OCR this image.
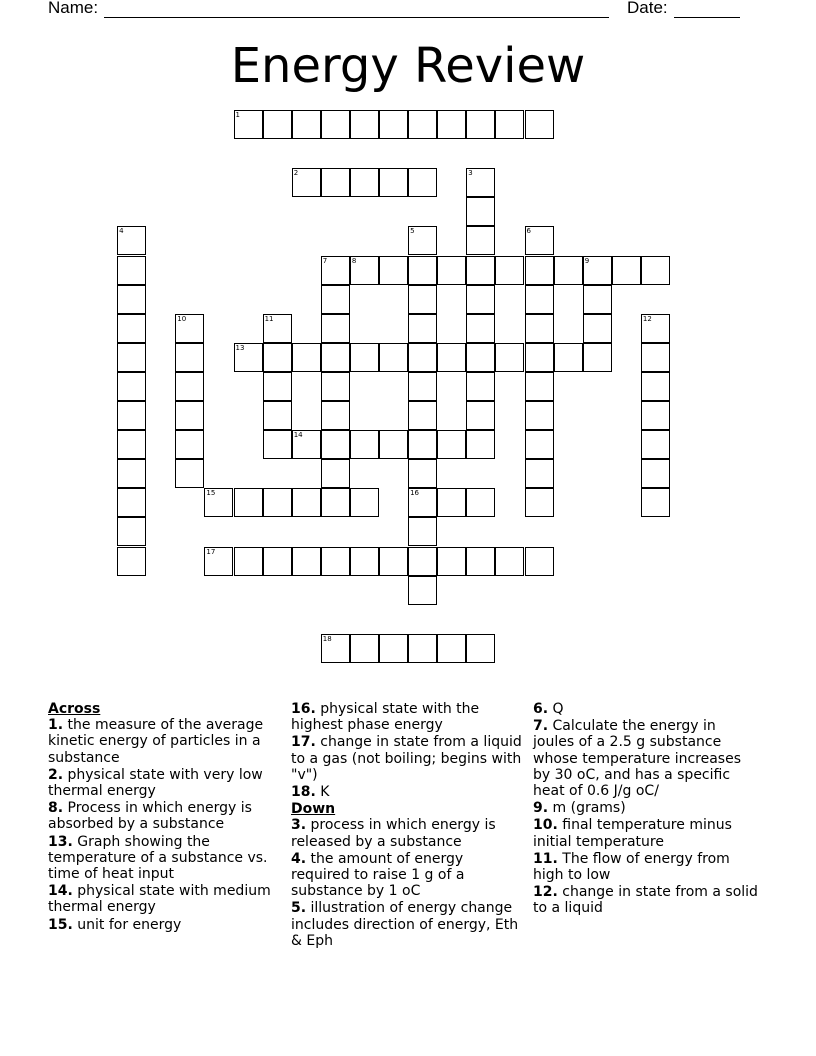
Name:	Date:
Energy Review
1
2	3
4	5
16
6
7	8	9
10	11	12
13
14
15
17
18
Across
1. the measure of the average kinetic energy of particles in a substance
2. physical state with very low thermal energy
8. Process in which energy is absorbed by a substance
13. Graph showing the temperature of a substance vs. time of heat input
14. physical state with medium thermal energy
15. unit for energy
16. physical state with the highest phase energy
17. change in state from a liquid to a gas (not boiling; begins with "v")
18. K
Down
3. process in which energy is released by a substance
4. the amount of energy required to raise 1 g of a substance by 1 oC
5. illustration of energy change includes direction of energy, Eth & Eph
6. Q
7. Calculate the energy in joules of a 2.5 g substance whose temperature increases by 30 oC, and has a specific heat of 0.6 J/g oC/
9. m (grams)
10. final temperature minus initial temperature
11. The flow of energy from high to low
12. change in state from a solid to a liquid
